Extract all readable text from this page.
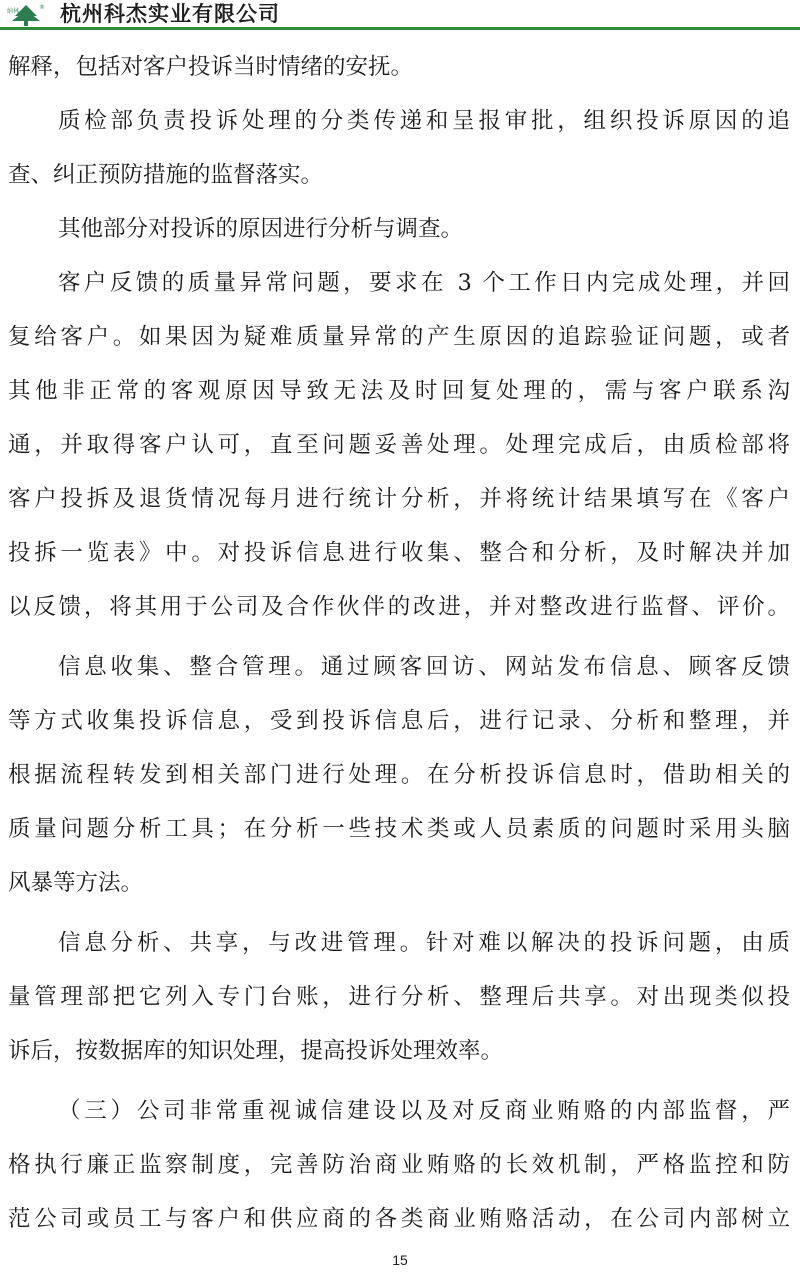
纳林
® 杭州科杰实业有限公司
解释，包括对客户投诉当时情绪的安抚。
质检部负责投诉处理的分类传递和呈报审批，组织投诉原因的追
查、纠正预防措施的监督落实。
其他部分对投诉的原因进行分析与调查。
客户反馈的质量异常问题，要求在 3 个工作日内完成处理，并回
复给客户。如果因为疑难质量异常的产生原因的追踪验证问题，或者
其他非正常的客观原因导致无法及时回复处理的，需与客户联系沟
通，并取得客户认可，直至问题妥善处理。处理完成后，由质检部将
客户投拆及退货情况每月进行统计分析，并将统计结果填写在《客户
投拆一览表》中。对投诉信息进行收集、整合和分析，及时解决并加
以反馈，将其用于公司及合作伙伴的改进，并对整改进行监督、评价。
信息收集、整合管理。通过顾客回访、网站发布信息、顾客反馈
等方式收集投诉信息，受到投诉信息后，进行记录、分析和整理，并
根据流程转发到相关部门进行处理。在分析投诉信息时，借助相关的
质量问题分析工具；在分析一些技术类或人员素质的问题时采用头脑
风暴等方法。
信息分析、共享，与改进管理。针对难以解决的投诉问题，由质
量管理部把它列入专门台账，进行分析、整理后共享。对出现类似投
诉后，按数据库的知识处理，提高投诉处理效率。
（三）公司非常重视诚信建设以及对反商业贿赂的内部监督，严
格执行廉正监察制度，完善防治商业贿赂的长效机制，严格监控和防
范公司或员工与客户和供应商的各类商业贿赂活动，在公司内部树立
15
